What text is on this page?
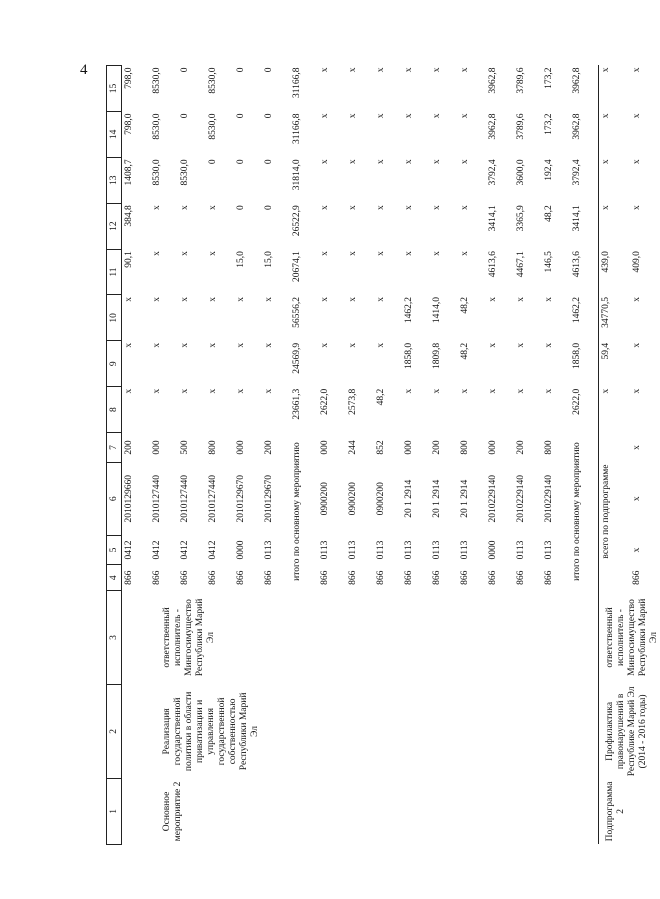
4
1	2	3	4	5	6	7	8	9	10	11	12	13	14	15
Основное мероприятие 2	Реализация государственной политики в области приватизации и управления государственной собственностью Республики Марий Эл	ответственный исполнитель - Мингосимущество Республики Марий Эл	866	0412	2010129660	200	x	x	x	90,1	384,8	1408,7	798,0	798,0
			866	0412	2010127440	000	x	x	x	x	x	8530,0	8530,0	8530,0
			866	0412	2010127440	500	x	x	x	x	x	8530,0	0	0
			866	0412	2010127440	800	x	x	x	x	x	0	8530,0	8530,0
			866	0000	2010129670	000	x	x	x	15,0	0	0	0	0
			866	0113	2010129670	200	x	x	x	15,0	0	0	0	0
			итого по основному мероприятию				23661,3	24569,9	56556,2	20674,1	26522,9	31814,0	31166,8	31166,8
			866	0113	0900200	000	2622,0	x	x	x	x	x	x	x
			866	0113	0900200	244	2573,8	x	x	x	x	x	x	x
			866	0113	0900200	852	48,2	x	x	x	x	x	x	x
			866	0113	20 1 2914	000	x	1858,0	1462,2	x	x	x	x	x
			866	0113	20 1 2914	200	x	1809,8	1414,0	x	x	x	x	x
			866	0113	20 1 2914	800	x	48,2	48,2	x	x	x	x	x
			866	0000	2010229140	000	x	x	x	4613,6	3414,1	3792,4	3962,8	3962,8
			866	0113	2010229140	200	x	x	x	4467,1	3365,9	3600,0	3789,6	3789,6
			866	0113	2010229140	800	x	x	x	146,5	48,2	192,4	173,2	173,2
			итого по основному мероприятию				2622,0	1858,0	1462,2	4613,6	3414,1	3792,4	3962,8	3962,8
Подпрограмма 2	Профилактика правонарушений в Республике Марий Эл (2014 - 2016 годы)	ответственный исполнитель - Мингосимущество Республики Марий Эл	всего по подпрограмме				x	59,4	34770,5	439,0	x	x	x	x
			866	x	x	x	x	x	x	409,0	x	x	x	x
